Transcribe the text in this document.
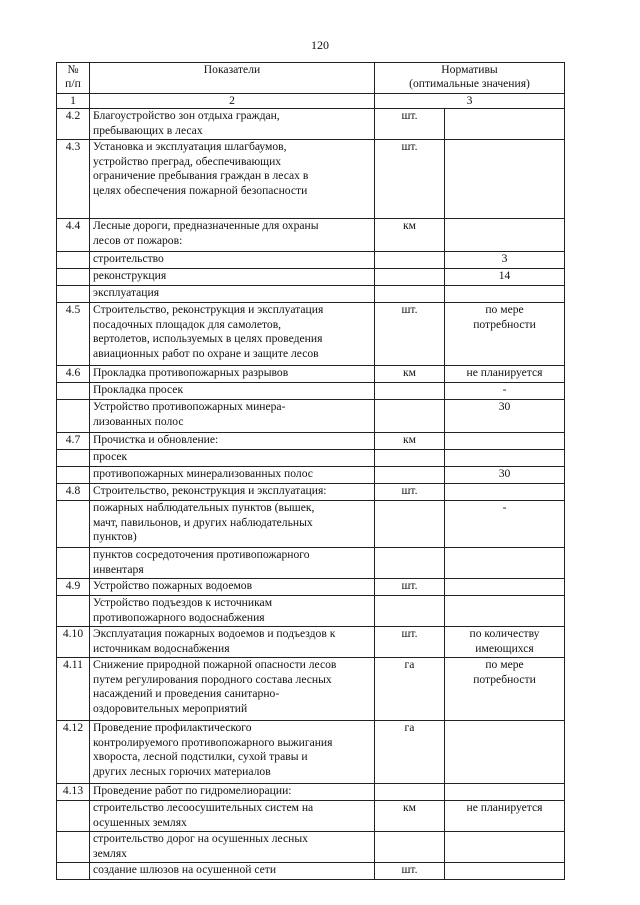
120
№
п/п	Показатели	Нормативы
(оптимальные значения)	
1	2	3	
4.2	Благоустройство зон отдыха граждан,
пребывающих в лесах	шт.	
4.3	Установка и эксплуатация шлагбаумов,
устройство преград, обеспечивающих
ограничение пребывания граждан в лесах в
целях обеспечения пожарной безопасности	шт.	
4.4	Лесные дороги, предназначенные для охраны
лесов от пожаров:	км	
	строительство		3
	реконструкция		14
	эксплуатация		
4.5	Строительство, реконструкция и эксплуатация
посадочных площадок для самолетов,
вертолетов, используемых в целях проведения
авиационных работ по охране и защите лесов	шт.	по мере
потребности
4.6	Прокладка противопожарных разрывов	км	не планируется
	Прокладка просек		-
	Устройство противопожарных минера-
лизованных полос		30
4.7	Прочистка и обновление:	км	
	просек		
	противопожарных минерализованных полос		30
4.8	Строительство, реконструкция и эксплуатация:	шт.	
	пожарных наблюдательных пунктов (вышек,
мачт, павильонов, и других наблюдательных
пунктов)		-
	пунктов сосредоточения противопожарного
инвентаря		
4.9	Устройство пожарных водоемов	шт.	
	Устройство подъездов к источникам
противопожарного водоснабжения		
4.10	Эксплуатация пожарных водоемов и подъездов к
источникам водоснабжения	шт.	по количеству
имеющихся
4.11	Снижение природной пожарной опасности лесов
путем регулирования породного состава лесных
насаждений и проведения санитарно-
оздоровительных мероприятий	га	по мере
потребности
4.12	Проведение профилактического
контролируемого противопожарного выжигания
хвороста, лесной подстилки, сухой травы и
других лесных горючих материалов	га	
4.13	Проведение работ по гидромелиорации:		
	строительство лесоосушительных систем на
осушенных землях	км	не планируется
	строительство дорог на осушенных лесных
землях		
	создание шлюзов на осушенной сети	шт.	
